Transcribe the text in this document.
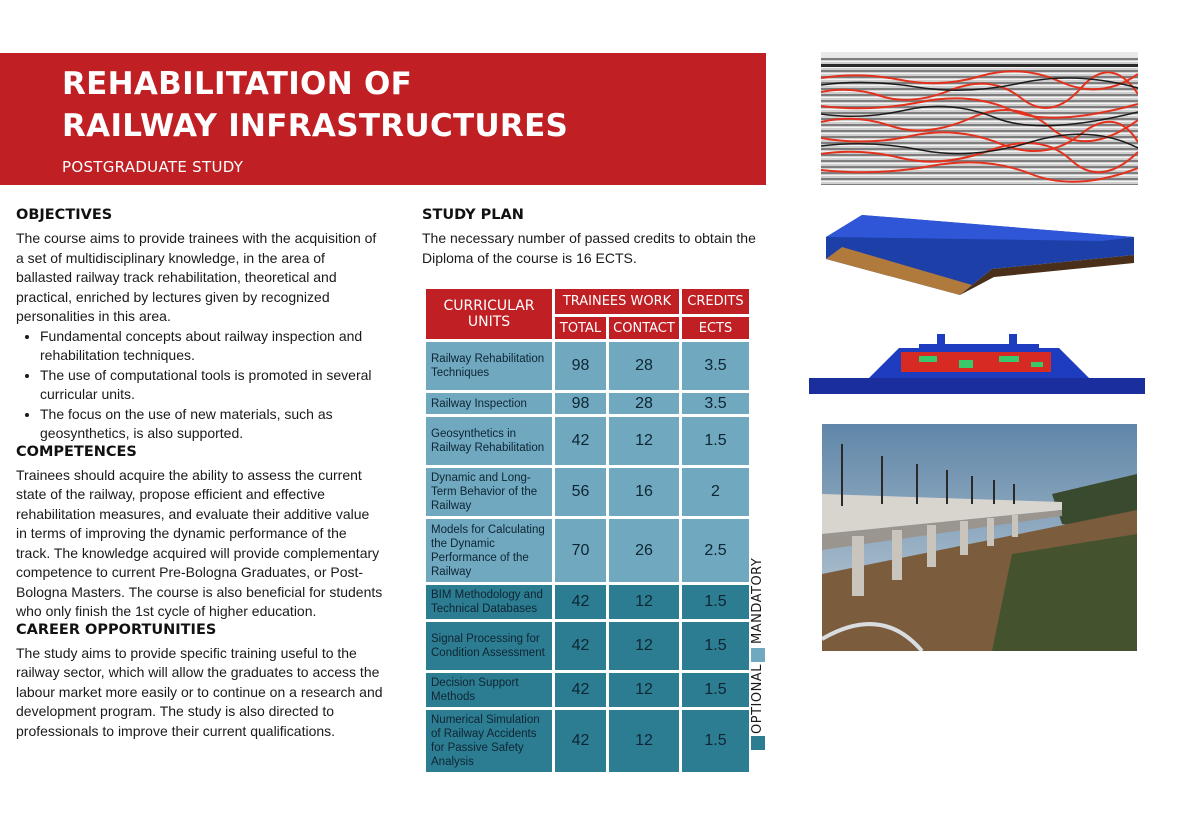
REHABILITATION OF
RAILWAY INFRASTRUCTURES
POSTGRADUATE STUDY
OBJECTIVES

The course aims to provide trainees with the acquisition of a set of multidisciplinary knowledge, in the area of ballasted railway track rehabilitation, theoretical and practical, enriched by lectures given by recognized personalities in this area.

• Fundamental concepts about railway inspection and rehabilitation techniques.
• The use of computational tools is promoted in several curricular units.
• The focus on the use of new materials, such as geosynthetics, is also supported.
COMPETENCES

Trainees should acquire the ability to assess the current state of the railway, propose efficient and effective rehabilitation measures, and evaluate their additive value in terms of improving the dynamic performance of the track. The knowledge acquired will provide complementary competence to current Pre-Bologna Graduates, or Post-Bologna Masters. The course is also beneficial for students who only finish the 1st cycle of higher education.

CAREER OPPORTUNITIES

The study aims to provide specific training useful to the railway sector, which will allow the graduates to access the labour market more easily or to continue on a research and development program. The study is also directed to professionals to improve their current qualifications.

STUDY PLAN

The necessary number of passed credits to obtain the Diploma of the course is 16 ECTS.

CURRICULAR UNITS	TRAINEES WORK		CREDITS
	TOTAL	CONTACT	ECTS
Railway Rehabilitation Techniques	98	28	3.5
Railway Inspection	98	28	3.5
Geosynthetics in Railway Rehabilitation	42	12	1.5
Dynamic and Long-Term Behavior of the Railway	56	16	2
Models for Calculating the Dynamic Performance of the Railway	70	26	2.5
BIM Methodology and Technical Databases	42	12	1.5
Signal Processing for Condition Assessment	42	12	1.5
Decision Support Methods	42	12	1.5
Numerical Simulation of Railway Accidents for Passive Safety Analysis	42	12	1.5
MANDATORY
OPTIONAL
